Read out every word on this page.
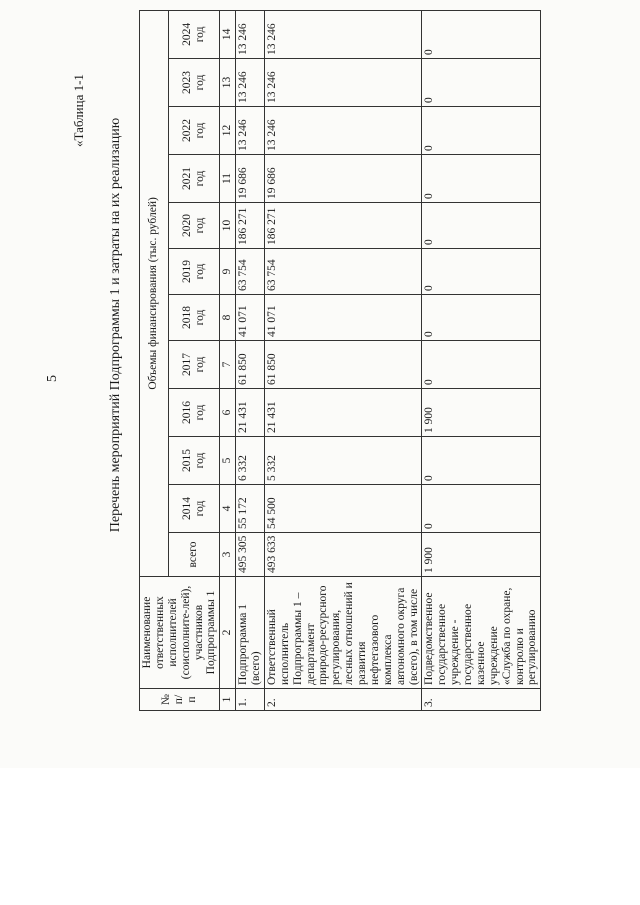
5
«Таблица 1-1
Перечень мероприятий Подпрограммы 1 и затраты на их реализацию
№ п/п	Наименование ответственных исполнителей (соисполните-лей), участников Подпрограммы 1	Объемы финансирования (тыс. рублей)											
		всего	2014 год	2015 год	2016 год	2017 год	2018 год	2019 год	2020 год	2021 год	2022 год	2023 год	2024 год
1	2	3	4	5	6	7	8	9	10	11	12	13	14
1.	Подпрограмма 1 (всего)	495 305	55 172	6 332	21 431	61 850	41 071	63 754	186 271	19 686	13 246	13 246	13 246
2.	Ответственный исполнитель Подпрограммы 1 – департамент природо-ресурсного регулирования, лесных отношений и развития нефтегазового комплекса автономного округа (всего), в том числе	493 633	54 500	5 332	21 431	61 850	41 071	63 754	186 271	19 686	13 246	13 246	13 246
3.	Подведомственное государственное учреждение - государственное казенное учреждение «Служба по охране, контролю и регулированию	1 900	0	0	1 900	0	0	0	0	0	0	0	0
